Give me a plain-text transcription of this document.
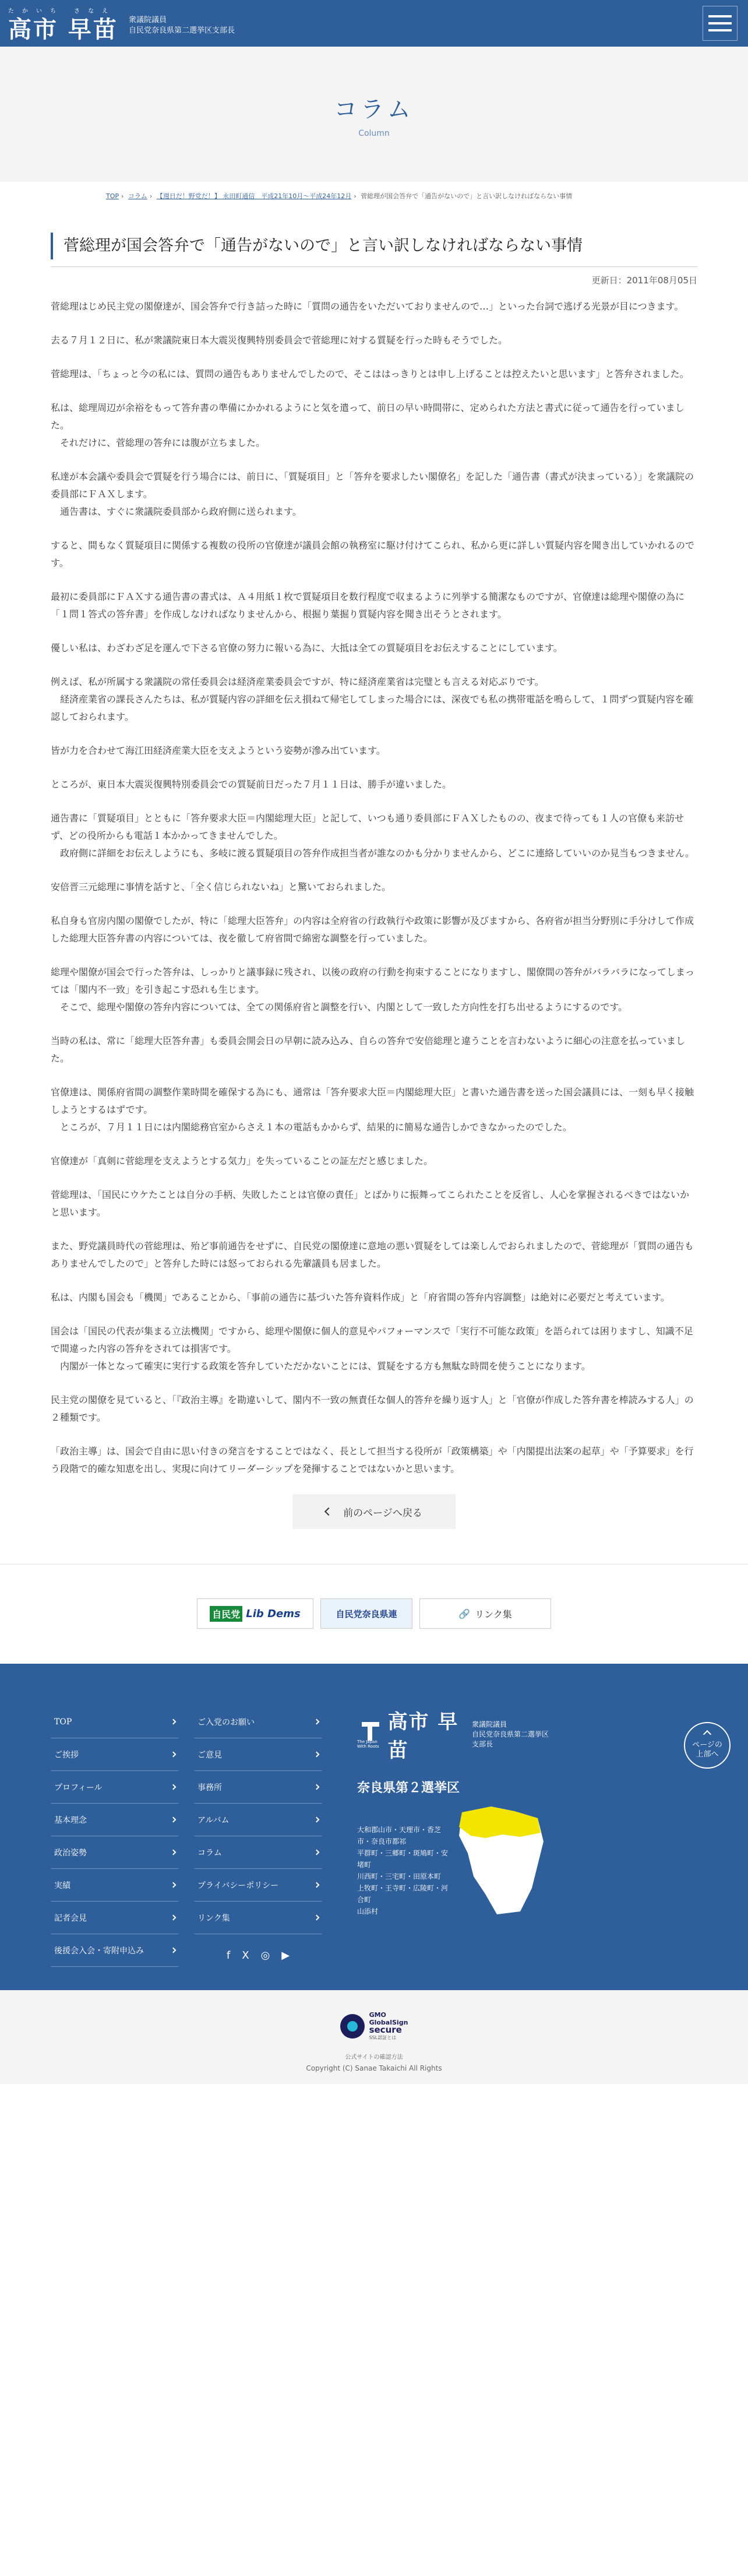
たかいち さなえ
高市 早苗 衆議院議員
自民党奈良県第二選挙区支部長
コラム
Column
TOP › コラム › 【週日だ！野党だ！】 永田町通信　平成21年10月〜平成24年12月 › 菅総理が国会答弁で「通告がないので」と言い訳しなければならない事情
菅総理が国会答弁で「通告がないので」と言い訳しなければならない事情
更新日：2011年08月05日

菅総理はじめ民主党の閣僚達が、国会答弁で行き詰った時に「質問の通告をいただいておりませんので…」といった台詞で逃げる光景が目につきます。

去る７月１２日に、私が衆議院東日本大震災復興特別委員会で菅総理に対する質疑を行った時もそうでした。

菅総理は、「ちょっと今の私には、質問の通告もありませんでしたので、そこははっきりとは申し上げることは控えたいと思います」と答弁されました。

私は、総理周辺が余裕をもって答弁書の準備にかかれるようにと気を遣って、前日の早い時間帯に、定められた方法と書式に従って通告を行っていました。
　それだけに、菅総理の答弁には腹が立ちました。

私達が本会議や委員会で質疑を行う場合には、前日に、「質疑項目」と「答弁を要求したい閣僚名」を記した「通告書（書式が決まっている）」を衆議院の委員部にＦＡＸします。
　通告書は、すぐに衆議院委員部から政府側に送られます。

すると、間もなく質疑項目に関係する複数の役所の官僚達が議員会館の執務室に駆け付けてこられ、私から更に詳しい質疑内容を聞き出していかれるのです。

最初に委員部にＦＡＸする通告書の書式は、Ａ４用紙１枚で質疑項目を数行程度で収まるように列挙する簡潔なものですが、官僚達は総理や閣僚の為に「１問１答式の答弁書」を作成しなければなりませんから、根掘り葉掘り質疑内容を聞き出そうとされます。

優しい私は、わざわざ足を運んで下さる官僚の努力に報いる為に、大抵は全ての質疑項目をお伝えすることにしています。

例えば、私が所属する衆議院の常任委員会は経済産業委員会ですが、特に経済産業省は完璧とも言える対応ぶりです。
　経済産業省の課長さんたちは、私が質疑内容の詳細を伝え損ねて帰宅してしまった場合には、深夜でも私の携帯電話を鳴らして、１問ずつ質疑内容を確認しておられます。

皆が力を合わせて海江田経済産業大臣を支えようという姿勢が滲み出ています。

ところが、東日本大震災復興特別委員会での質疑前日だった７月１１日は、勝手が違いました。

通告書に「質疑項目」とともに「答弁要求大臣＝内閣総理大臣」と記して、いつも通り委員部にＦＡＸしたものの、夜まで待っても１人の官僚も来訪せず、どの役所からも電話１本かかってきませんでした。
　政府側に詳細をお伝えしようにも、多岐に渡る質疑項目の答弁作成担当者が誰なのかも分かりませんから、どこに連絡していいのか見当もつきません。

安倍晋三元総理に事情を話すと、「全く信じられないね」と驚いておられました。

私自身も官房内閣の閣僚でしたが、特に「総理大臣答弁」の内容は全府省の行政執行や政策に影響が及びますから、各府省が担当分野別に手分けして作成した総理大臣答弁書の内容については、夜を徹して府省間で綿密な調整を行っていました。

総理や閣僚が国会で行った答弁は、しっかりと議事録に残され、以後の政府の行動を拘束することになりますし、閣僚間の答弁がバラバラになってしまっては「閣内不一致」を引き起こす恐れも生じます。
　そこで、総理や閣僚の答弁内容については、全ての関係府省と調整を行い、内閣として一致した方向性を打ち出せるようにするのです。

当時の私は、常に「総理大臣答弁書」も委員会開会日の早朝に読み込み、自らの答弁で安倍総理と違うことを言わないように細心の注意を払っていました。

官僚達は、関係府省間の調整作業時間を確保する為にも、通常は「答弁要求大臣＝内閣総理大臣」と書いた通告書を送った国会議員には、一刻も早く接触しようとするはずです。
　ところが、７月１１日には内閣総務官室からさえ１本の電話もかからず、結果的に簡易な通告しかできなかったのでした。

官僚達が「真剣に菅総理を支えようとする気力」を失っていることの証左だと感じました。

菅総理は、「国民にウケたことは自分の手柄、失敗したことは官僚の責任」とばかりに振舞ってこられたことを反省し、人心を掌握されるべきではないかと思います。

また、野党議員時代の菅総理は、殆ど事前通告をせずに、自民党の閣僚達に意地の悪い質疑をしては楽しんでおられましたので、菅総理が「質問の通告もありませんでしたので」と答弁した時には怒っておられる先輩議員も居ました。

私は、内閣も国会も「機関」であることから、「事前の通告に基づいた答弁資料作成」と「府省間の答弁内容調整」は絶対に必要だと考えています。

国会は「国民の代表が集まる立法機関」ですから、総理や閣僚に個人的意見やパフォーマンスで「実行不可能な政策」を語られては困りますし、知識不足で間違った内容の答弁をされては損害です。
　内閣が一体となって確実に実行する政策を答弁していただかないことには、質疑をする方も無駄な時間を使うことになります。

民主党の閣僚を見ていると、「『政治主導』を勘違いして、閣内不一致の無責任な個人的答弁を繰り返す人」と「官僚が作成した答弁書を棒読みする人」の２種類です。

「政治主導」は、国会で自由に思い付きの発言をすることではなく、長として担当する役所が「政策構築」や「内閣提出法案の起草」や「予算要求」を行う段階で的確な知恵を出し、実現に向けてリーダーシップを発揮することではないかと思います。

前のページへ戻る
自民党 Lib Dems	自民党奈良県連	🔗 リンク集
TOP	ご入党のお願い
ご挨拶	ご意見
プロフィール	事務所
基本理念	アルバム
政治姿勢	コラム
実績	プライバシーポリシー
記者会見	リンク集
後援会入会・寄附申込み	f X ◎ ▶
The Japan With Roots
高市 早苗
衆議院議員
自民党奈良県第二選挙区支部長
奈良県第２選挙区
大和郡山市・天理市・香芝市・奈良市都祁
平群町・三郷町・斑鳩町・安堵町
川西町・三宅町・田原本町
上牧町・王寺町・広陵町・河合町
山添村
ページの
上部へ
GMO
GlobalSign
secure
SSL認証とは
公式サイトの確認方法
Copyright (C) Sanae Takaichi All Rights
